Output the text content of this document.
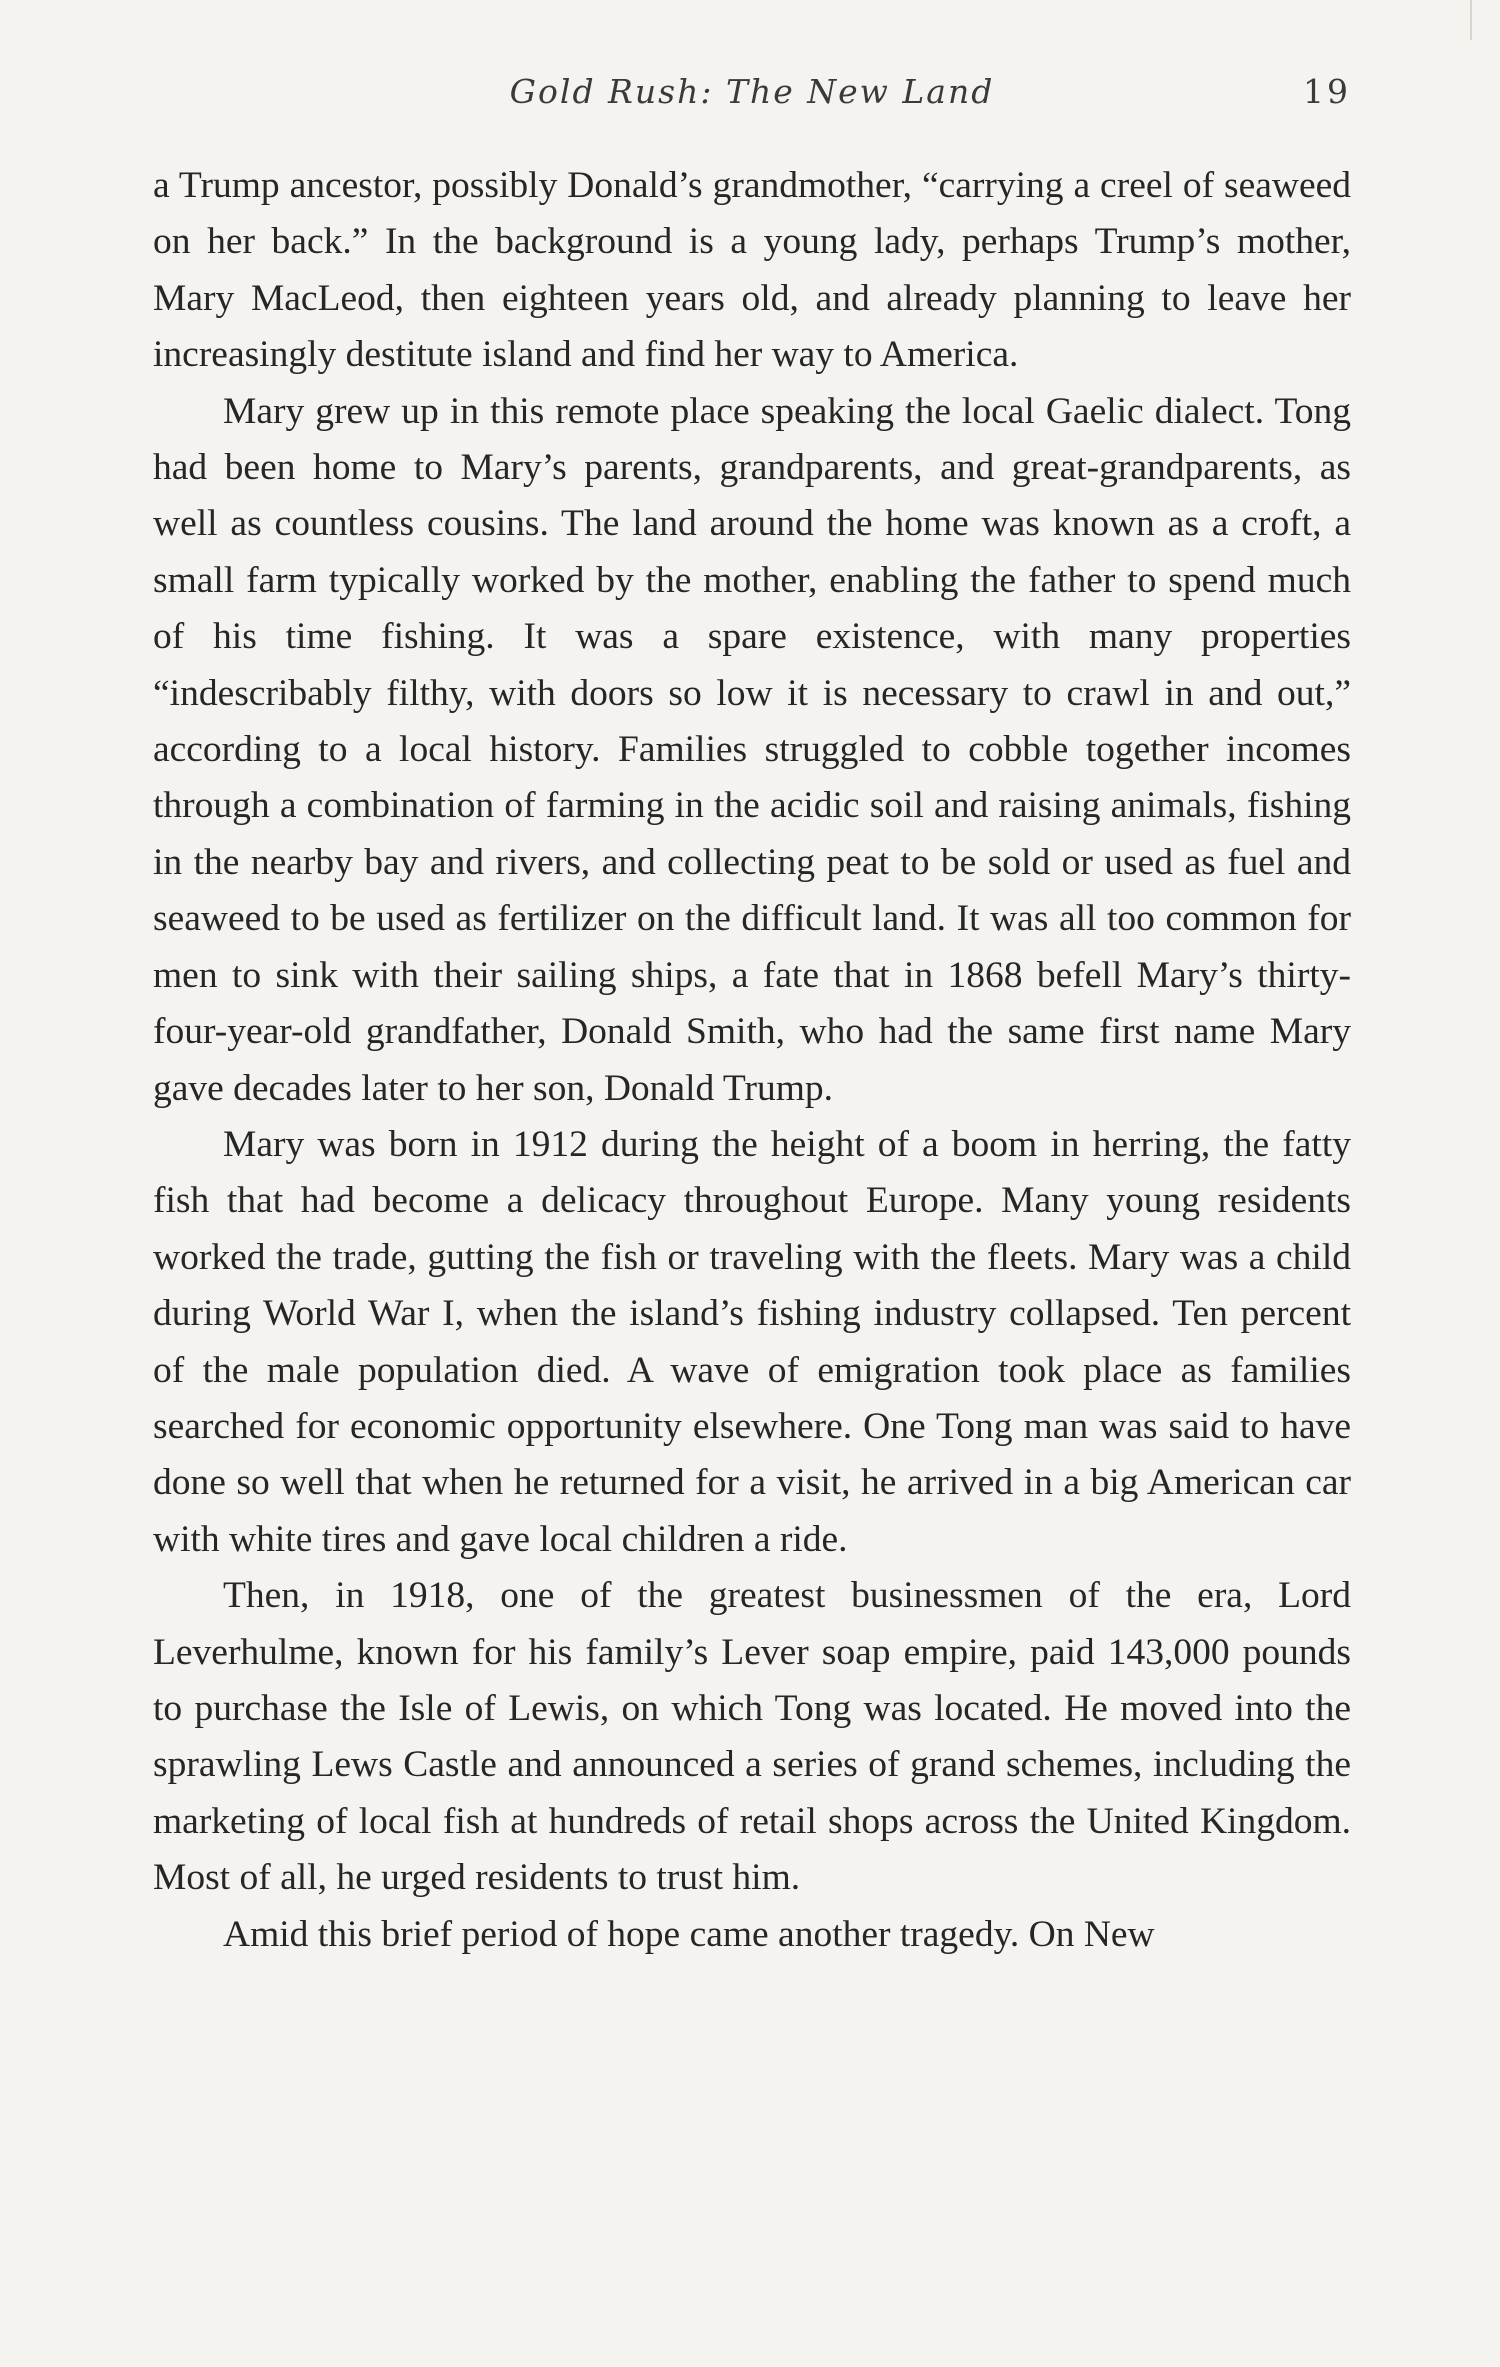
Gold Rush: The New Land	19

a Trump ancestor, possibly Donald’s grandmother, “carrying a creel of seaweed on her back.” In the background is a young lady, perhaps Trump’s mother, Mary MacLeod, then eighteen years old, and already planning to leave her increasingly destitute island and find her way to America.

Mary grew up in this remote place speaking the local Gaelic dialect. Tong had been home to Mary’s parents, grandparents, and great-grandparents, as well as countless cousins. The land around the home was known as a croft, a small farm typically worked by the mother, enabling the father to spend much of his time fishing. It was a spare existence, with many properties “indescribably filthy, with doors so low it is necessary to crawl in and out,” according to a local history. Families struggled to cobble together incomes through a combination of farming in the acidic soil and raising animals, fishing in the nearby bay and rivers, and collecting peat to be sold or used as fuel and seaweed to be used as fertilizer on the difficult land. It was all too common for men to sink with their sailing ships, a fate that in 1868 befell Mary’s thirty-four-year-old grandfather, Donald Smith, who had the same first name Mary gave decades later to her son, Donald Trump.

Mary was born in 1912 during the height of a boom in herring, the fatty fish that had become a delicacy throughout Europe. Many young residents worked the trade, gutting the fish or traveling with the fleets. Mary was a child during World War I, when the island’s fishing industry collapsed. Ten percent of the male population died. A wave of emigration took place as families searched for economic opportunity elsewhere. One Tong man was said to have done so well that when he returned for a visit, he arrived in a big American car with white tires and gave local children a ride.

Then, in 1918, one of the greatest businessmen of the era, Lord Leverhulme, known for his family’s Lever soap empire, paid 143,000 pounds to purchase the Isle of Lewis, on which Tong was located. He moved into the sprawling Lews Castle and announced a series of grand schemes, including the marketing of local fish at hundreds of retail shops across the United Kingdom. Most of all, he urged residents to trust him.

Amid this brief period of hope came another tragedy. On New
